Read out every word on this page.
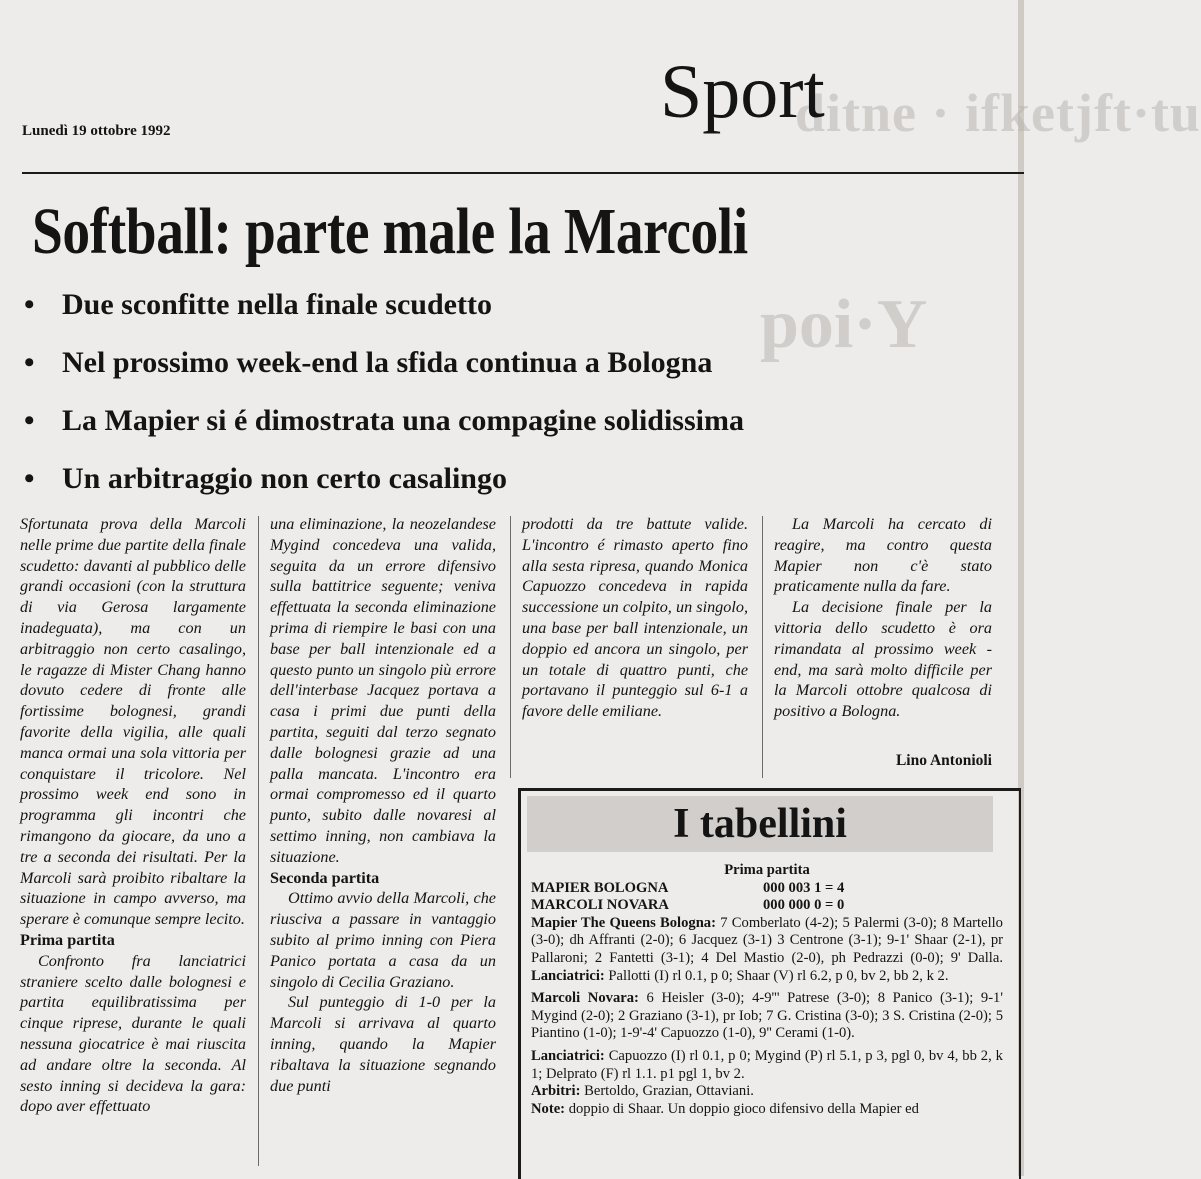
ditne · ifketjft·tu
poi·Y
Lunedì 19 ottobre 1992	Sport
Softball: parte male la Marcoli
• Due sconfitte nella finale scudetto
• Nel prossimo week-end la sfida continua a Bologna
• La Mapier si é dimostrata una compagine solidissima
• Un arbitraggio non certo casalingo

Sfortunata prova della Marcoli nelle prime due partite della finale scudetto: davanti al pubblico delle grandi occasioni (con la struttura di via Gerosa largamente inadeguata), ma con un arbitraggio non certo casalingo, le ragazze di Mister Chang hanno dovuto cedere di fronte alle fortissime bolognesi, grandi favorite della vigilia, alle quali manca ormai una sola vittoria per conquistare il tricolore. Nel prossimo week end sono in programma gli incontri che rimangono da giocare, da uno a tre a seconda dei risultati. Per la Marcoli sarà proibito ribaltare la situazione in campo avverso, ma sperare è comunque sempre lecito.

Prima partita

Confronto fra lanciatrici straniere scelto dalle bolognesi e partita equilibratissima per cinque riprese, durante le quali nessuna giocatrice è mai riuscita ad andare oltre la seconda. Al sesto inning si decideva la gara: dopo aver effettuato

una eliminazione, la neozelandese Mygind concedeva una valida, seguita da un errore difensivo sulla battitrice seguente; veniva effettuata la seconda eliminazione prima di riempire le basi con una base per ball intenzionale ed a questo punto un singolo più errore dell'interbase Jacquez portava a casa i primi due punti della partita, seguiti dal terzo segnato dalle bolognesi grazie ad una palla mancata. L'incontro era ormai compromesso ed il quarto punto, subito dalle novaresi al settimo inning, non cambiava la situazione.

Seconda partita

Ottimo avvio della Marcoli, che riusciva a passare in vantaggio subito al primo inning con Piera Panico portata a casa da un singolo di Cecilia Graziano.

Sul punteggio di 1-0 per la Marcoli si arrivava al quarto inning, quando la Mapier ribaltava la situazione segnando due punti

prodotti da tre battute valide. L'incontro é rimasto aperto fino alla sesta ripresa, quando Monica Capuozzo concedeva in rapida successione un colpito, un singolo, una base per ball intenzionale, un doppio ed ancora un singolo, per un totale di quattro punti, che portavano il punteggio sul 6-1 a favore delle emiliane.

La Marcoli ha cercato di reagire, ma contro questa Mapier non c'è stato praticamente nulla da fare.

La decisione finale per la vittoria dello scudetto è ora rimandata al prossimo week - end, ma sarà molto difficile per la Marcoli ottobre qualcosa di positivo a Bologna.

Lino Antonioli
I tabellini

Prima partita

MAPIER BOLOGNA	000 003 1 = 4
MARCOLI NOVARA	000 000 0 = 0

Mapier The Queens Bologna: 7 Comberlato (4-2); 5 Palermi (3-0); 8 Martello (3-0); dh Affranti (2-0); 6 Jacquez (3-1) 3 Centrone (3-1); 9-1' Shaar (2-1), pr Pallaroni; 2 Fantetti (3-1); 4 Del Mastio (2-0), ph Pedrazzi (0-0); 9' Dalla. Lanciatrici: Pallotti (I) rl 0.1, p 0; Shaar (V) rl 6.2, p 0, bv 2, bb 2, k 2.

Marcoli Novara: 6 Heisler (3-0); 4-9''' Patrese (3-0); 8 Panico (3-1); 9-1' Mygind (2-0); 2 Graziano (3-1), pr Iob; 7 G. Cristina (3-0); 3 S. Cristina (2-0); 5 Piantino (1-0); 1-9'-4' Capuozzo (1-0), 9'' Cerami (1-0).

Lanciatrici: Capuozzo (I) rl 0.1, p 0; Mygind (P) rl 5.1, p 3, pgl 0, bv 4, bb 2, k 1; Delprato (F) rl 1.1. p1 pgl 1, bv 2.

Arbitri: Bertoldo, Grazian, Ottaviani.

Note: doppio di Shaar. Un doppio gioco difensivo della Mapier ed
